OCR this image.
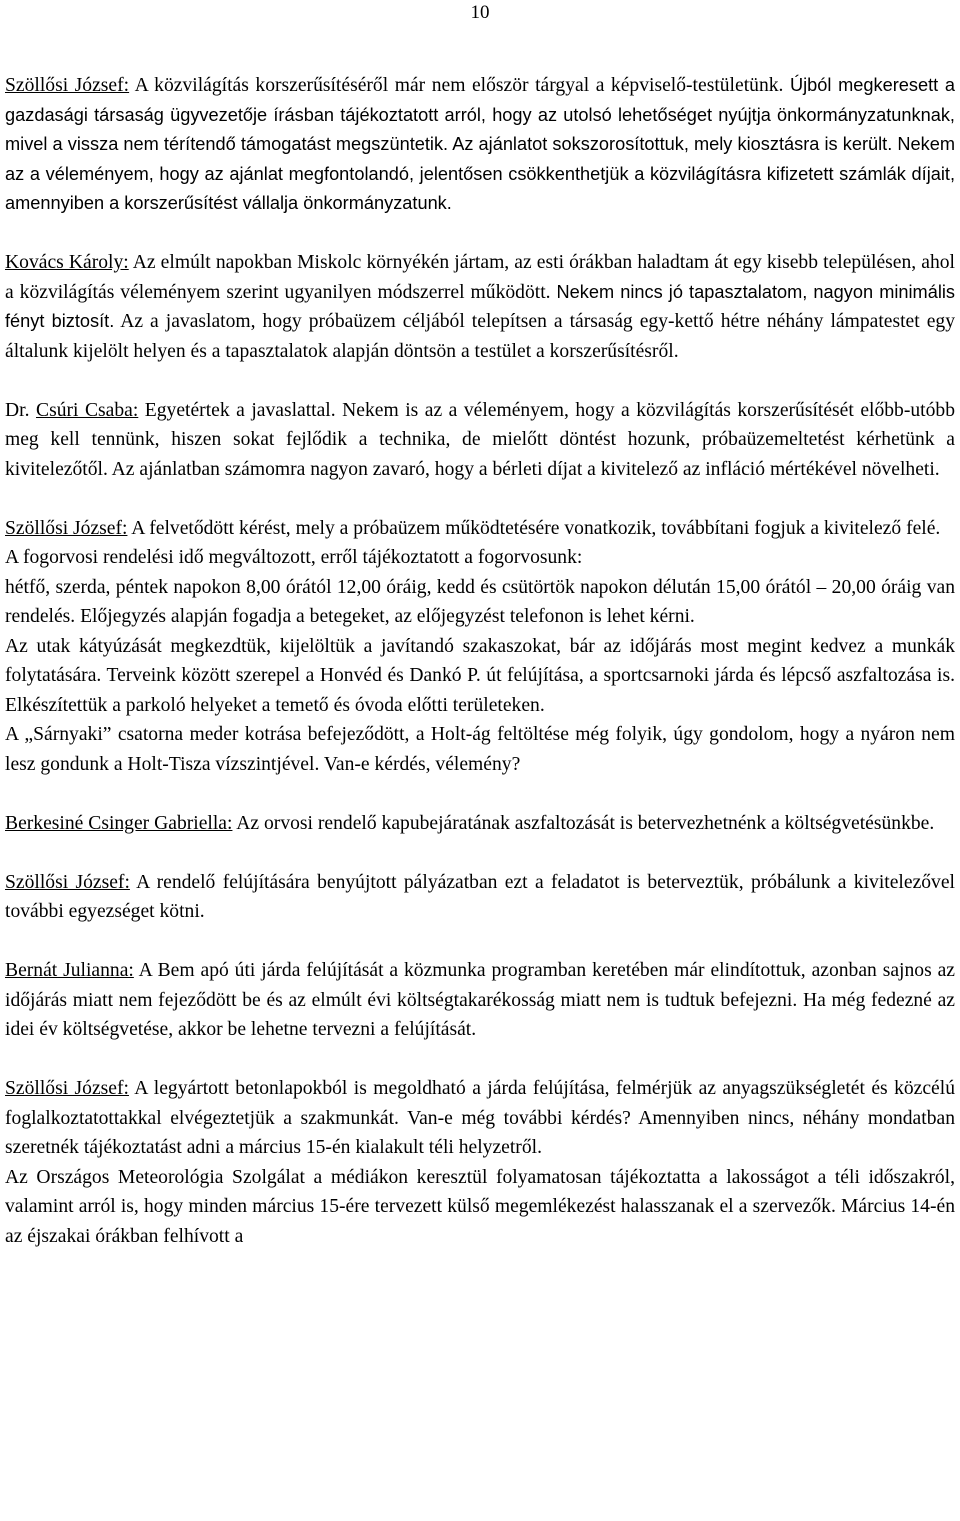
10

Szöllősi József: A közvilágítás korszerűsítéséről már nem először tárgyal a képviselő-testületünk. Újból megkeresett a gazdasági társaság ügyvezetője írásban tájékoztatott arról, hogy az utolsó lehetőséget nyújtja önkormányzatunknak, mivel a vissza nem térítendő támogatást megszüntetik. Az ajánlatot sokszorosítottuk, mely kiosztásra is került. Nekem az a véleményem, hogy az ajánlat megfontolandó, jelentősen csökkenthetjük a közvilágításra kifizetett számlák díjait, amennyiben a korszerűsítést vállalja önkormányzatunk.

Kovács Károly: Az elmúlt napokban Miskolc környékén jártam, az esti órákban haladtam át egy kisebb településen, ahol a közvilágítás véleményem szerint ugyanilyen módszerrel működött. Nekem nincs jó tapasztalatom, nagyon minimális fényt biztosít. Az a javaslatom, hogy próbaüzem céljából telepítsen a társaság egy-kettő hétre néhány lámpatestet egy általunk kijelölt helyen és a tapasztalatok alapján döntsön a testület a korszerűsítésről.

Dr. Csúri Csaba: Egyetértek a javaslattal. Nekem is az a véleményem, hogy a közvilágítás korszerűsítését előbb-utóbb meg kell tennünk, hiszen sokat fejlődik a technika, de mielőtt döntést hozunk, próbaüzemeltetést kérhetünk a kivitelezőtől. Az ajánlatban számomra nagyon zavaró, hogy a bérleti díjat a kivitelező az infláció mértékével növelheti.

Szöllősi József: A felvetődött kérést, mely a próbaüzem működtetésére vonatkozik, továbbítani fogjuk a kivitelező felé.

A fogorvosi rendelési idő megváltozott, erről tájékoztatott a fogorvosunk:

hétfő, szerda, péntek napokon 8,00 órától 12,00 óráig, kedd és csütörtök napokon délután 15,00 órától – 20,00 óráig van rendelés. Előjegyzés alapján fogadja a betegeket, az előjegyzést telefonon is lehet kérni.

Az utak kátyúzását megkezdtük, kijelöltük a javítandó szakaszokat, bár az időjárás most megint kedvez a munkák folytatására. Terveink között szerepel a Honvéd és Dankó P. út felújítása, a sportcsarnoki járda és lépcső aszfaltozása is. Elkészítettük a parkoló helyeket a temető és óvoda előtti területeken.

A „Sárnyaki” csatorna meder kotrása befejeződött, a Holt-ág feltöltése még folyik, úgy gondolom, hogy a nyáron nem lesz gondunk a Holt-Tisza vízszintjével. Van-e kérdés, vélemény?

Berkesiné Csinger Gabriella: Az orvosi rendelő kapubejáratának aszfaltozását is betervezhetnénk a költségvetésünkbe.

Szöllősi József: A rendelő felújítására benyújtott pályázatban ezt a feladatot is beterveztük, próbálunk a kivitelezővel további egyezséget kötni.

Bernát Julianna: A Bem apó úti járda felújítását a közmunka programban keretében már elindítottuk, azonban sajnos az időjárás miatt nem fejeződött be és az elmúlt évi költségtakarékosság miatt nem is tudtuk befejezni. Ha még fedezné az idei év költségvetése, akkor be lehetne tervezni a felújítását.

Szöllősi József: A legyártott betonlapokból is megoldható a járda felújítása, felmérjük az anyagszükségletét és közcélú foglalkoztatottakkal elvégeztetjük a szakmunkát. Van-e még további kérdés? Amennyiben nincs, néhány mondatban szeretnék tájékoztatást adni a március 15-én kialakult téli helyzetről.

Az Országos Meteorológia Szolgálat a médiákon keresztül folyamatosan tájékoztatta a lakosságot a téli időszakról, valamint arról is, hogy minden március 15-ére tervezett külső megemlékezést halasszanak el a szervezők. Március 14-én az éjszakai órákban felhívott a
